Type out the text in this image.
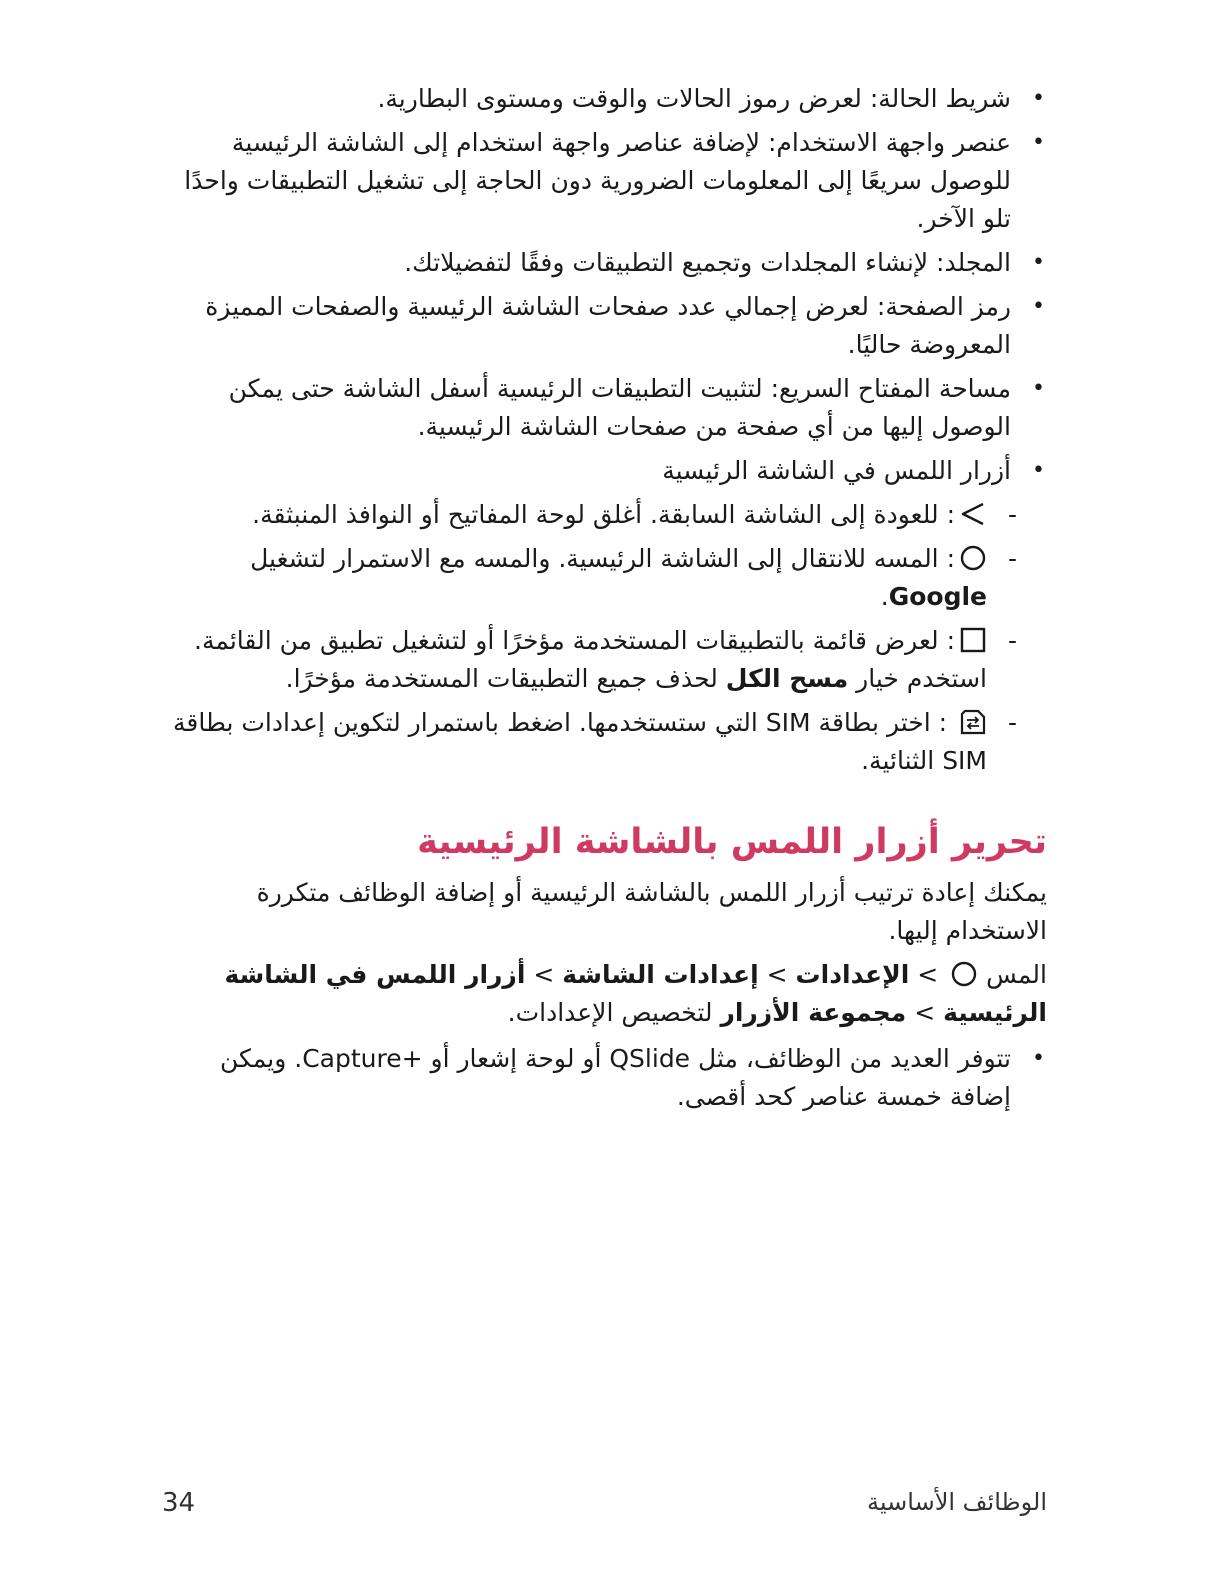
•
شريط الحالة: لعرض رموز الحالات والوقت ومستوى البطارية.
•
عنصر واجهة الاستخدام: لإضافة عناصر واجهة استخدام إلى الشاشة الرئيسية للوصول سريعًا إلى المعلومات الضرورية دون الحاجة إلى تشغيل التطبيقات واحدًا تلو الآخر.
•
المجلد: لإنشاء المجلدات وتجميع التطبيقات وفقًا لتفضيلاتك.
•
رمز الصفحة: لعرض إجمالي عدد صفحات الشاشة الرئيسية والصفحات المميزة المعروضة حاليًا.
•
مساحة المفتاح السريع: لتثبيت التطبيقات الرئيسية أسفل الشاشة حتى يمكن الوصول إليها من أي صفحة من صفحات الشاشة الرئيسية.
•
أزرار اللمس في الشاشة الرئيسية
-
: للعودة إلى الشاشة السابقة. أغلق لوحة المفاتيح أو النوافذ المنبثقة.
-
: المسه للانتقال إلى الشاشة الرئيسية. والمسه مع الاستمرار لتشغيل Google.
-
: لعرض قائمة بالتطبيقات المستخدمة مؤخرًا أو لتشغيل تطبيق من القائمة. استخدم خيار مسح الكل لحذف جميع التطبيقات المستخدمة مؤخرًا.
-
: اختر بطاقة SIM التي ستستخدمها. اضغط باستمرار لتكوين إعدادات بطاقة SIM الثنائية.
تحرير أزرار اللمس بالشاشة الرئيسية

يمكنك إعادة ترتيب أزرار اللمس بالشاشة الرئيسية أو إضافة الوظائف متكررة الاستخدام إليها.

المس
> الإعدادات > إعدادات الشاشة > أزرار اللمس في الشاشة الرئيسية > مجموعة الأزرار لتخصيص الإعدادات.

•
تتوفر العديد من الوظائف، مثل QSlide أو لوحة إشعار أو +Capture. ويمكن إضافة خمسة عناصر كحد أقصى.
34	الوظائف الأساسية
